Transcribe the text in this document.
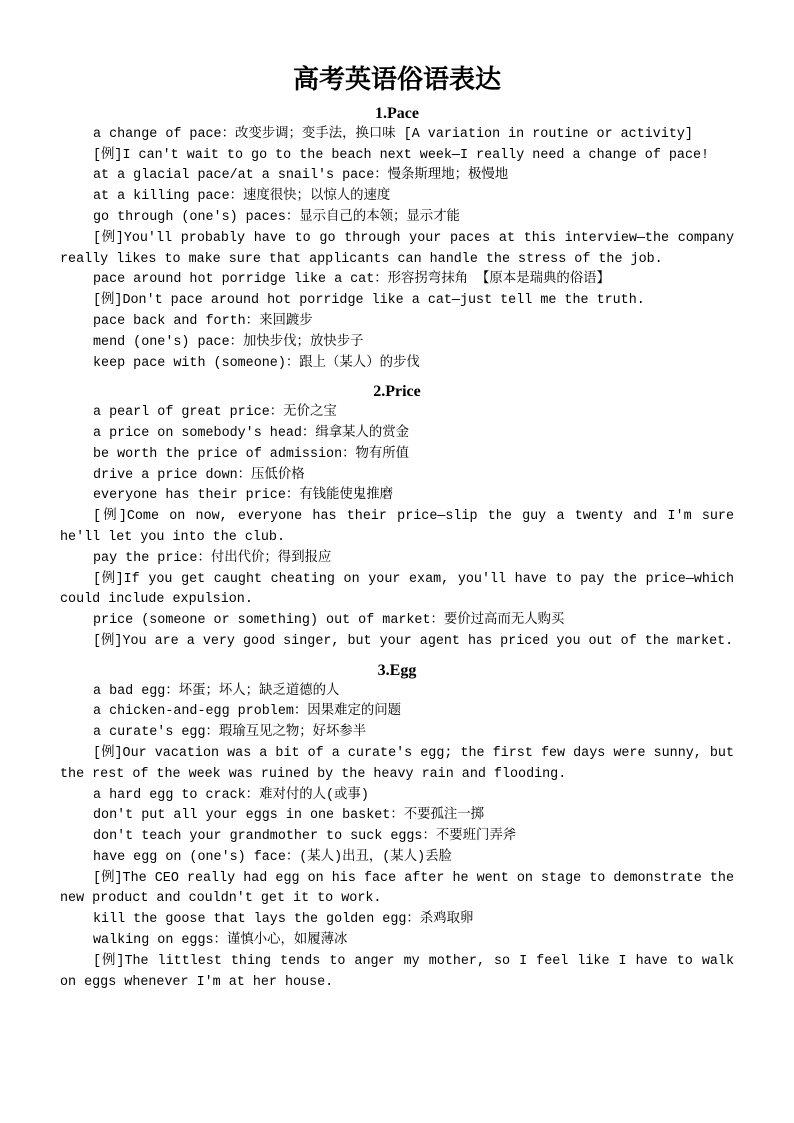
高考英语俗语表达
1.Pace

a change of pace：改变步调；变手法，换口味 [A variation in routine or activity]

[例]I can't wait to go to the beach next week—I really need a change of pace!

at a glacial pace/at a snail's pace：慢条斯理地；极慢地

at a killing pace：速度很快；以惊人的速度

go through (one's) paces：显示自己的本领；显示才能

[例]You'll probably have to go through your paces at this interview—the company really likes to make sure that applicants can handle the stress of the job.

pace around hot porridge like a cat：形容拐弯抹角 【原本是瑞典的俗语】

[例]Don't pace around hot porridge like a cat—just tell me the truth.

pace back and forth：来回踱步

mend (one's) pace：加快步伐；放快步子

keep pace with (someone)：跟上（某人）的步伐

2.Price

a pearl of great price：无价之宝

a price on somebody's head：缉拿某人的赏金

be worth the price of admission：物有所值

drive a price down：压低价格

everyone has their price：有钱能使鬼推磨

[例]Come on now, everyone has their price—slip the guy a twenty and I'm sure he'll let you into the club.

pay the price：付出代价；得到报应

[例]If you get caught cheating on your exam, you'll have to pay the price—which could include expulsion.

price (someone or something) out of market：要价过高而无人购买

[例]You are a very good singer, but your agent has priced you out of the market.

3.Egg

a bad egg：坏蛋；坏人；缺乏道德的人

a chicken-and-egg problem：因果难定的问题

a curate's egg：瑕瑜互见之物；好坏参半

[例]Our vacation was a bit of a curate's egg; the first few days were sunny, but the rest of the week was ruined by the heavy rain and flooding.

a hard egg to crack：难对付的人(或事)

don't put all your eggs in one basket：不要孤注一掷

don't teach your grandmother to suck eggs：不要班门弄斧

have egg on (one's) face：(某人)出丑，(某人)丢脸

[例]The CEO really had egg on his face after he went on stage to demonstrate the new product and couldn't get it to work.

kill the goose that lays the golden egg：杀鸡取卵

walking on eggs：谨慎小心，如履薄冰

[例]The littlest thing tends to anger my mother, so I feel like I have to walk on eggs whenever I'm at her house.
